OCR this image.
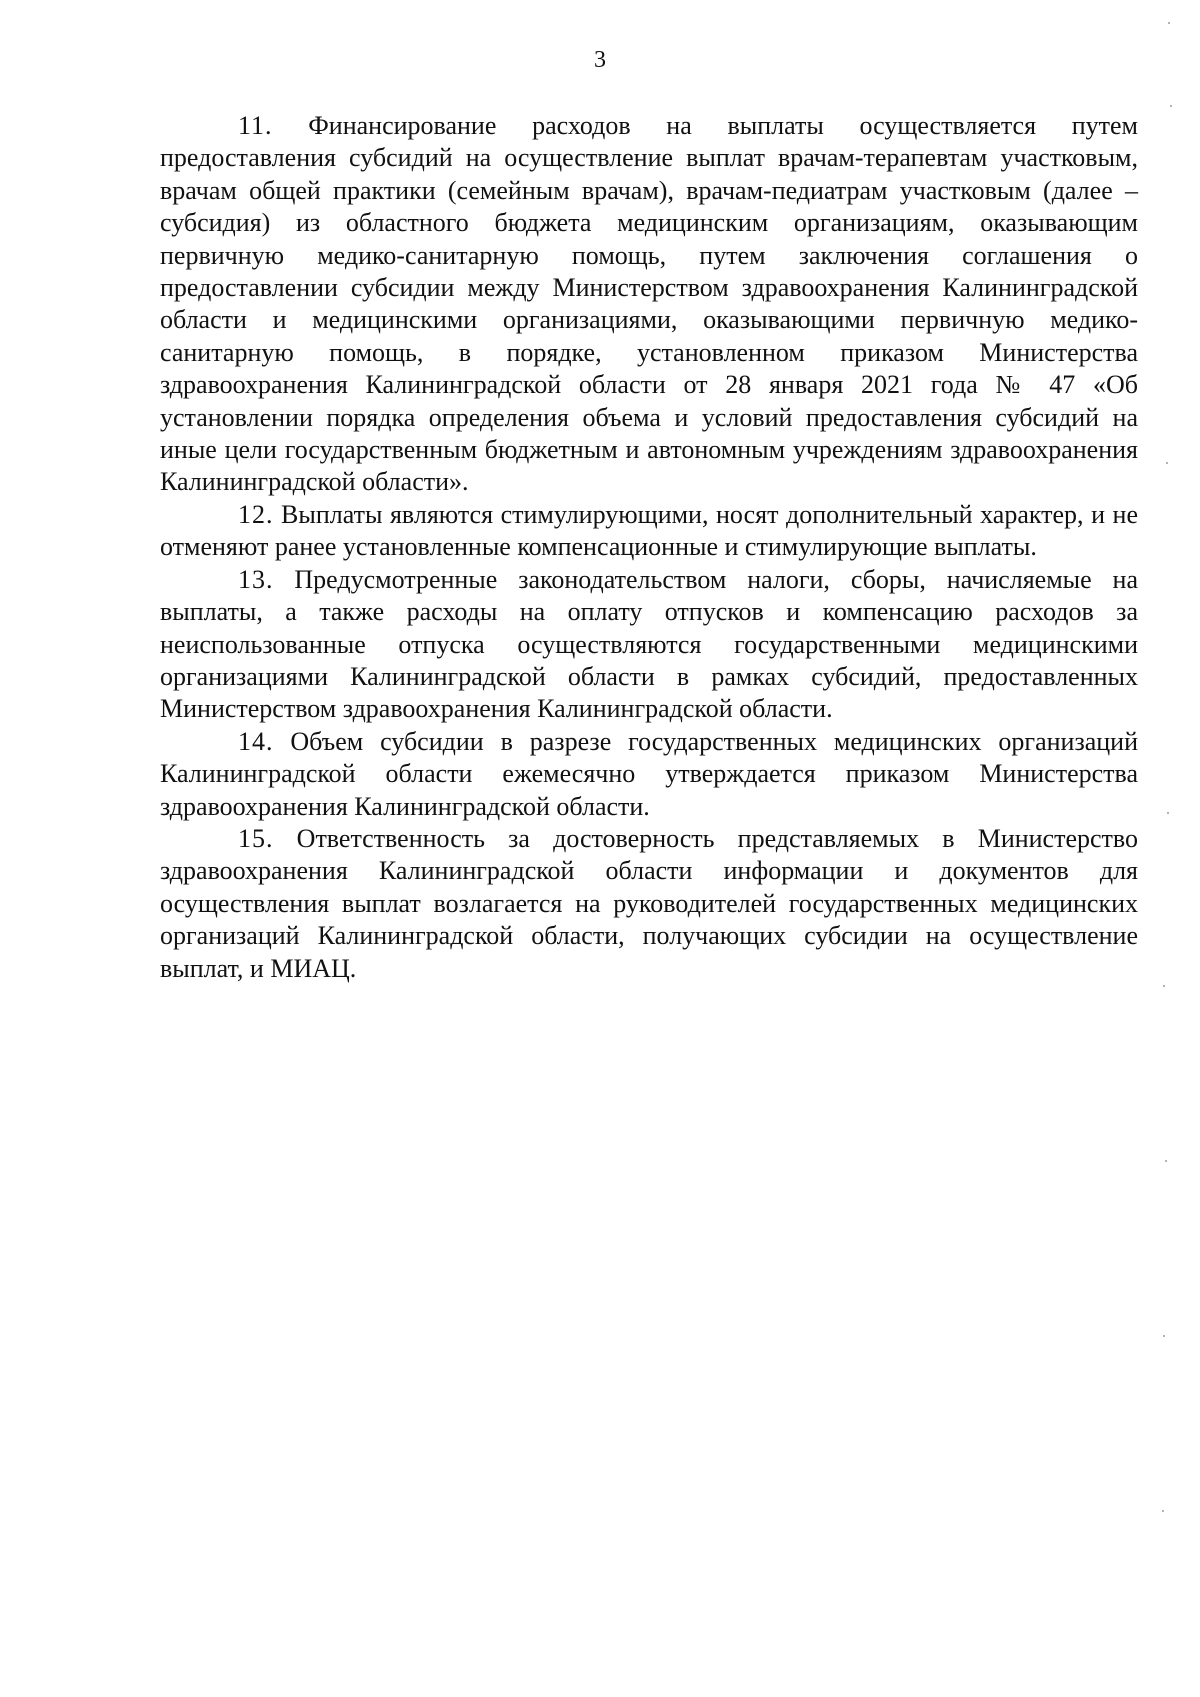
3

11. Финансирование расходов на выплаты осуществляется путем предоставления субсидий на осуществление выплат врачам-терапевтам участковым, врачам общей практики (семейным врачам), врачам-педиатрам участковым (далее – субсидия) из областного бюджета медицинским организациям, оказывающим первичную медико-санитарную помощь, путем заключения соглашения о предоставлении субсидии между Министерством здравоохранения Калининградской области и медицинскими организациями, оказывающими первичную медико-санитарную помощь, в порядке, установленном приказом Министерства здравоохранения Калининградской области от 28 января 2021 года № 47 «Об установлении порядка определения объема и условий предоставления субсидий на иные цели государственным бюджетным и автономным учреждениям здравоохранения Калининградской области».

12. Выплаты являются стимулирующими, носят дополнительный характер, и не отменяют ранее установленные компенсационные и стимулирующие выплаты.

13. Предусмотренные законодательством налоги, сборы, начисляемые на выплаты, а также расходы на оплату отпусков и компенсацию расходов за неиспользованные отпуска осуществляются государственными медицинскими организациями Калининградской области в рамках субсидий, предоставленных Министерством здравоохранения Калининградской области.

14. Объем субсидии в разрезе государственных медицинских организаций Калининградской области ежемесячно утверждается приказом Министерства здравоохранения Калининградской области.

15. Ответственность за достоверность представляемых в Министерство здравоохранения Калининградской области информации и документов для осуществления выплат возлагается на руководителей государственных медицинских организаций Калининградской области, получающих субсидии на осуществление выплат, и МИАЦ.
